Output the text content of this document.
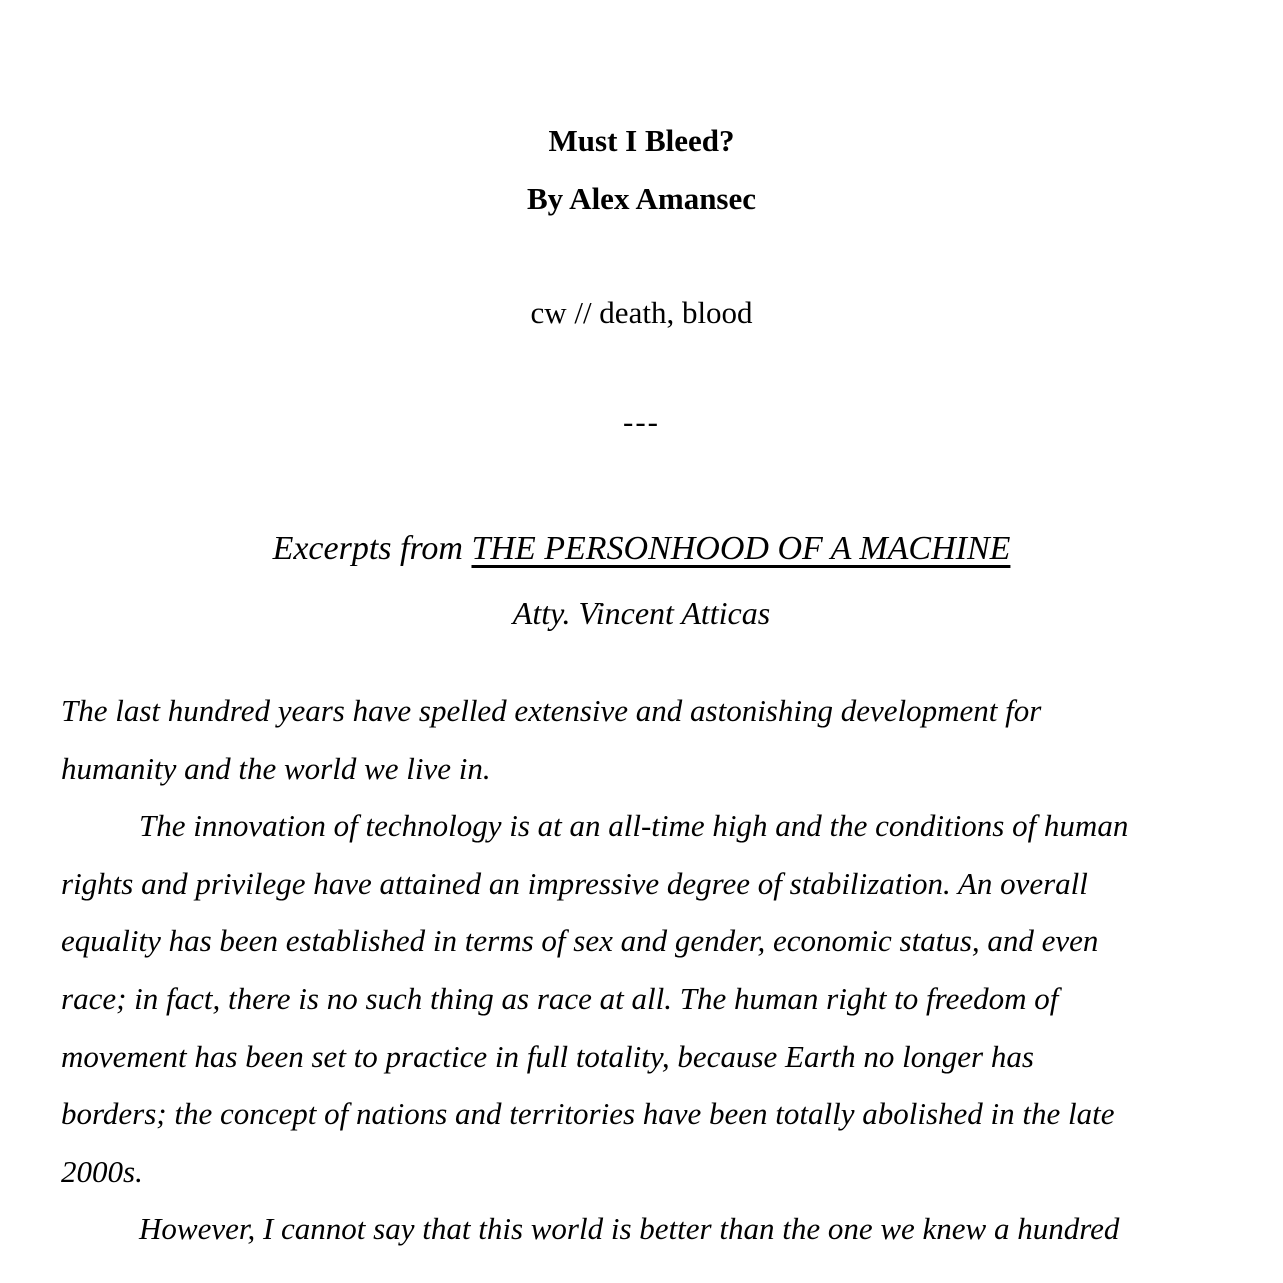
Must I Bleed?
By Alex Amansec
cw // death, blood
---
Excerpts from THE PERSONHOOD OF A MACHINE
Atty. Vincent Atticas
The last hundred years have spelled extensive and astonishing development for
humanity and the world we live in.
The innovation of technology is at an all-time high and the conditions of human
rights and privilege have attained an impressive degree of stabilization. An overall
equality has been established in terms of sex and gender, economic status, and even
race; in fact, there is no such thing as race at all. The human right to freedom of
movement has been set to practice in full totality, because Earth no longer has
borders; the concept of nations and territories have been totally abolished in the late
2000s.
However, I cannot say that this world is better than the one we knew a hundred
